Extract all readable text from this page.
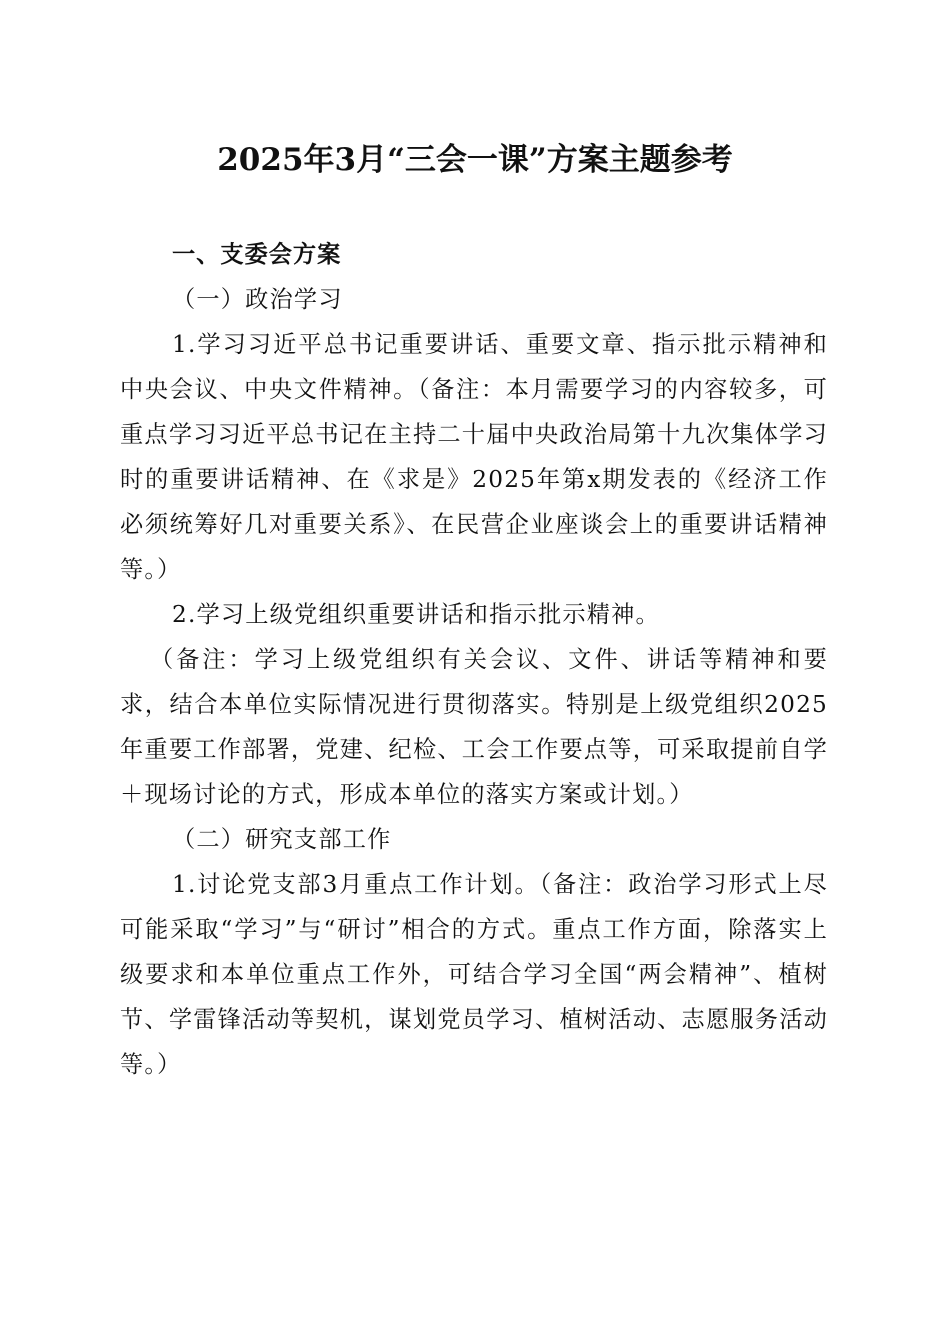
2025年3月“三会一课”方案主题参考
一、支委会方案
（一）政治学习

1.学习习近平总书记重要讲话、重要文章、指示批示精神和中央会议、中央文件精神。（备注：本月需要学习的内容较多，可重点学习习近平总书记在主持二十届中央政治局第十九次集体学习时的重要讲话精神、在《求是》2025年第x期发表的《经济工作必须统筹好几对重要关系》、在民营企业座谈会上的重要讲话精神等。）

2.学习上级党组织重要讲话和指示批示精神。

（备注：学习上级党组织有关会议、文件、讲话等精神和要求，结合本单位实际情况进行贯彻落实。特别是上级党组织2025年重要工作部署，党建、纪检、工会工作要点等，可采取提前自学＋现场讨论的方式，形成本单位的落实方案或计划。）

（二）研究支部工作

1.讨论党支部3月重点工作计划。（备注：政治学习形式上尽可能采取“学习”与“研讨”相合的方式。重点工作方面，除落实上级要求和本单位重点工作外，可结合学习全国“两会精神”、植树节、学雷锋活动等契机，谋划党员学习、植树活动、志愿服务活动等。）
